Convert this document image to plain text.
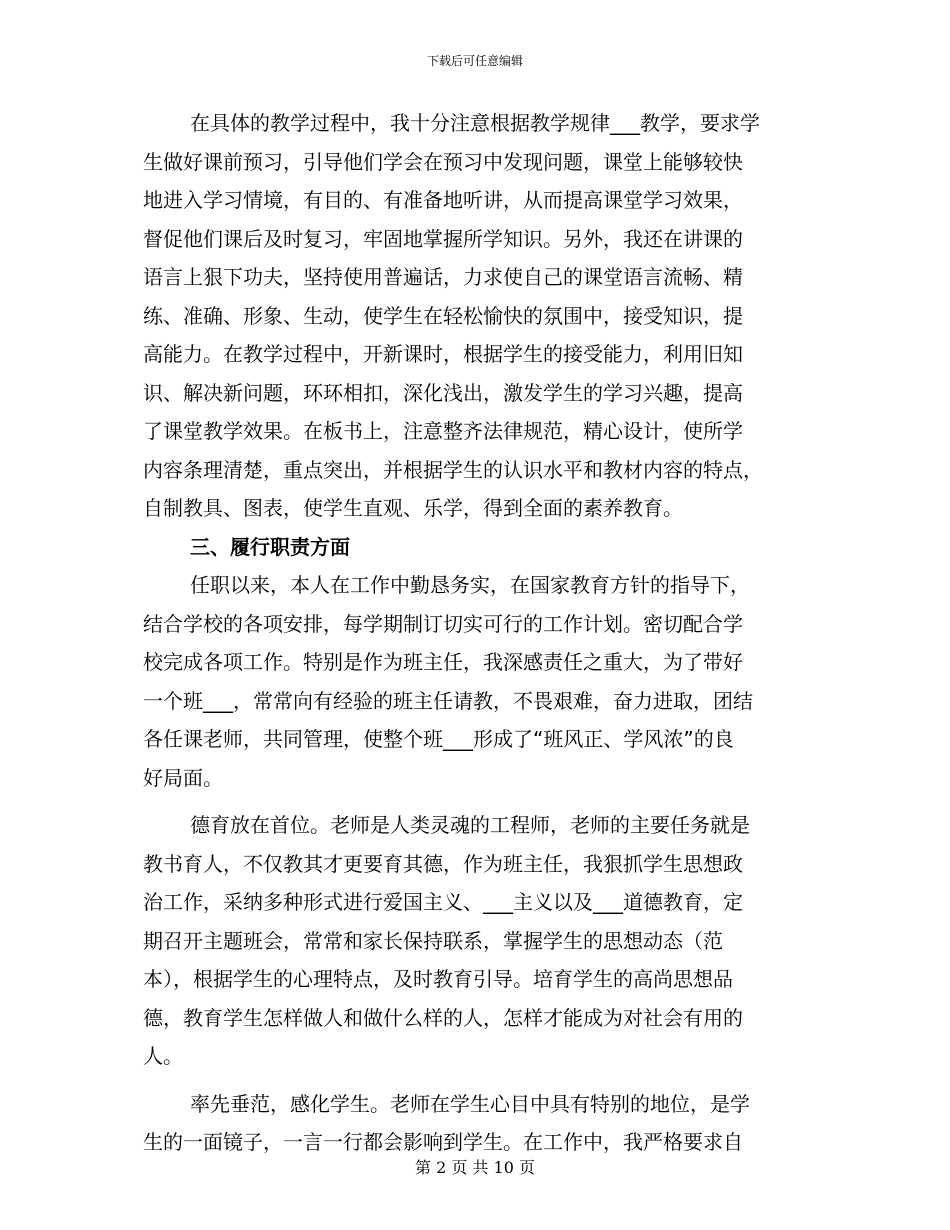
下载后可任意编辑
在具体的教学过程中，我十分注意根据教学规律___教学，要求学
生做好课前预习，引导他们学会在预习中发现问题，课堂上能够较快
地进入学习情境，有目的、有准备地听讲，从而提高课堂学习效果，
督促他们课后及时复习，牢固地掌握所学知识。另外，我还在讲课的
语言上狠下功夫，坚持使用普遍话，力求使自己的课堂语言流畅、精
练、准确、形象、生动，使学生在轻松愉快的氛围中，接受知识，提
高能力。在教学过程中，开新课时，根据学生的接受能力，利用旧知
识、解决新问题，环环相扣，深化浅出，激发学生的学习兴趣，提高
了课堂教学效果。在板书上，注意整齐法律规范，精心设计，使所学
内容条理清楚，重点突出，并根据学生的认识水平和教材内容的特点，
自制教具、图表，使学生直观、乐学，得到全面的素养教育。
三、履行职责方面
任职以来，本人在工作中勤恳务实，在国家教育方针的指导下，
结合学校的各项安排，每学期制订切实可行的工作计划。密切配合学
校完成各项工作。特别是作为班主任，我深感责任之重大，为了带好
一个班___，常常向有经验的班主任请教，不畏艰难，奋力进取，团结
各任课老师，共同管理，使整个班___形成了“班风正、学风浓”的良
好局面。
德育放在首位。老师是人类灵魂的工程师，老师的主要任务就是
教书育人，不仅教其才更要育其德，作为班主任，我狠抓学生思想政
治工作，采纳多种形式进行爱国主义、___主义以及___道德教育，定
期召开主题班会，常常和家长保持联系，掌握学生的思想动态（范
本），根据学生的心理特点，及时教育引导。培育学生的高尚思想品
德，教育学生怎样做人和做什么样的人，怎样才能成为对社会有用的
人。
率先垂范，感化学生。老师在学生心目中具有特别的地位，是学
生的一面镜子，一言一行都会影响到学生。在工作中，我严格要求自
第 2 页 共 10 页
